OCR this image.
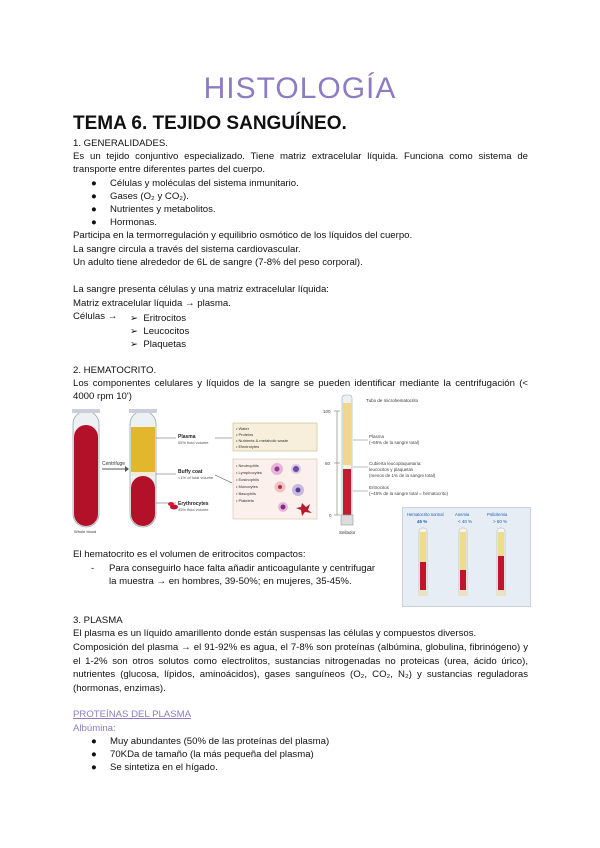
HISTOLOGÍA
TEMA 6. TEJIDO SANGUÍNEO.
1. GENERALIDADES.
Es un tejido conjuntivo especializado. Tiene matriz extracelular líquida. Funciona como sistema de transporte entre diferentes partes del cuerpo.
● Células y moléculas del sistema inmunitario.
● Gases (O₂ y CO₂).
● Nutrientes y metabolitos.
● Hormonas.
Participa en la termorregulación y equilibrio osmótico de los líquidos del cuerpo.
La sangre circula a través del sistema cardiovascular.
Un adulto tiene alrededor de 6L de sangre (7-8% del peso corporal).
La sangre presenta células y una matriz extracelular líquida:
Matriz extracelular líquida → plasma.
Células → ➢ Eritrocitos
➢ Leucocitos
➢ Plaquetas
2. HEMATOCRITO.
Los componentes celulares y líquidos de la sangre se pueden identificar mediante la centrifugación (< 4000 rpm 10')
Centrifuge
Whole blood
Plasma
55% fluid volume
Buffy coat
<1% of total volume
Erythrocytes
45% fluid volume
• Water
• Proteins
• Nutrients & metabolic waste
• Electrolytes
• Neutrophils
• Lymphocytes
• Eosinophils
• Monocytes
• Basophils
• Platelets
Tubo de microhematocrito
100
60
0
Sellador
Plasma
(~55% de la sangre total)
Cubierta leucoplaquetaria:
leucocitos y plaquetas
(menos de 1% de la sangre total)
Eritrocitos
(~45% de la sangre total = hematocrito)
Hematocrito normal
45 %
Anemia
< 40 %
Policitemia
> 50 %
El hematocrito es el volumen de eritrocitos compactos:
- Para conseguirlo hace falta añadir anticoagulante y centrifugar
la muestra → en hombres, 39-50%; en mujeres, 35-45%.
3. PLASMA
El plasma es un líquido amarillento donde están suspensas las células y compuestos diversos.
Composición del plasma → el 91-92% es agua, el 7-8% son proteínas (albúmina, globulina, fibrinógeno) y el 1-2% son otros solutos como electrolitos, sustancias nitrogenadas no proteicas (urea, ácido úrico), nutrientes (glucosa, lípidos, aminoácidos), gases sanguíneos (O₂, CO₂, N₂) y sustancias reguladoras (hormonas, enzimas).
PROTEÍNAS DEL PLASMA
Albúmina:
● Muy abundantes (50% de las proteínas del plasma)
● 70KDa de tamaño (la más pequeña del plasma)
● Se sintetiza en el hígado.
